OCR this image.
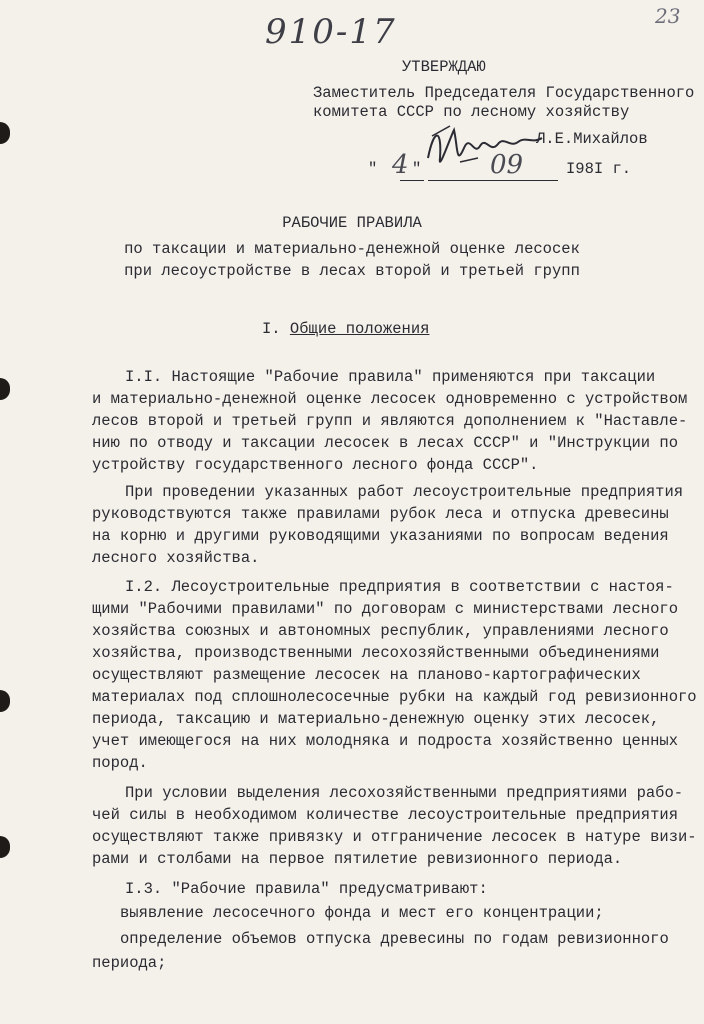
910-17	23
УТВЕРЖДАЮ
Заместитель Председателя Государственного
комитета СССР по лесному хозяйству
Л.Е.Михайлов
" 4 "	09	I98I г.
РАБОЧИЕ ПРАВИЛА
по таксации и материально-денежной оценке лесосек
при лесоустройстве в лесах второй и третьей групп
I. Общие положения
I.I. Настоящие "Рабочие правила" применяются при таксации
и материально-денежной оценке лесосек одновременно с устройством
лесов второй и третьей групп и являются дополнением к "Наставле-
нию по отводу и таксации лесосек в лесах СССР" и "Инструкции по
устройству государственного лесного фонда СССР".
При проведении указанных работ лесоустроительные предприятия
руководствуются также правилами рубок леса и отпуска древесины
на корню и другими руководящими указаниями по вопросам ведения
лесного хозяйства.
I.2. Лесоустроительные предприятия в соответствии с настоя-
щими "Рабочими правилами" по договорам с министерствами лесного
хозяйства союзных и автономных республик, управлениями лесного
хозяйства, производственными лесохозяйственными объединениями
осуществляют размещение лесосек на планово-картографических
материалах под сплошнолесосечные рубки на каждый год ревизионного
периода, таксацию и материально-денежную оценку этих лесосек,
учет имеющегося на них молодняка и подроста хозяйственно ценных
пород.
При условии выделения лесохозяйственными предприятиями рабо-
чей силы в необходимом количестве лесоустроительные предприятия
осуществляют также привязку и отграничение лесосек в натуре визи-
рами и столбами на первое пятилетие ревизионного периода.
I.3. "Рабочие правила" предусматривают:
выявление лесосечного фонда и мест его концентрации;
определение объемов отпуска древесины по годам ревизионного
периода;
